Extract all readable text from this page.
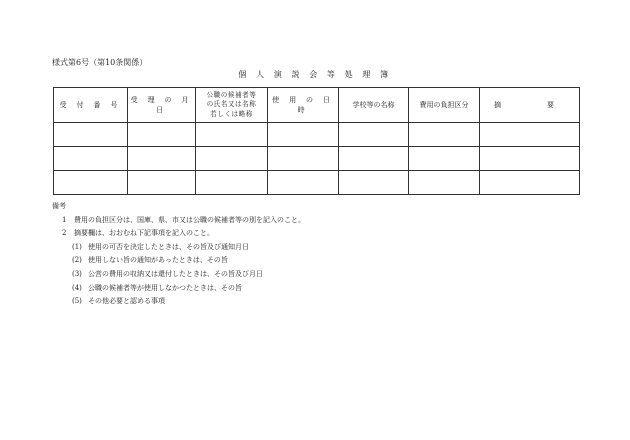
様式第6号（第10条関係）
個 人 演 説 会 等 処 理 簿
受 付 番 号	受 理 の 月 日	公職の候補者等
の氏名又は名称
若しくは略称	使 用 の 日 時	学校等の名称	費用の負担区分	摘 要

備考
1 費用の負担区分は、国庫、県、市又は公職の候補者等の別を記入のこと。
2 摘要欄は、おおむね下記事項を記入のこと。
(1) 使用の可否を決定したときは、その旨及び通知月日
(2) 使用しない旨の通知があったときは、その旨
(3) 公営の費用の収納又は還付したときは、その旨及び月日
(4) 公職の候補者等が使用しなかつたときは、その旨
(5) その他必要と認める事項
